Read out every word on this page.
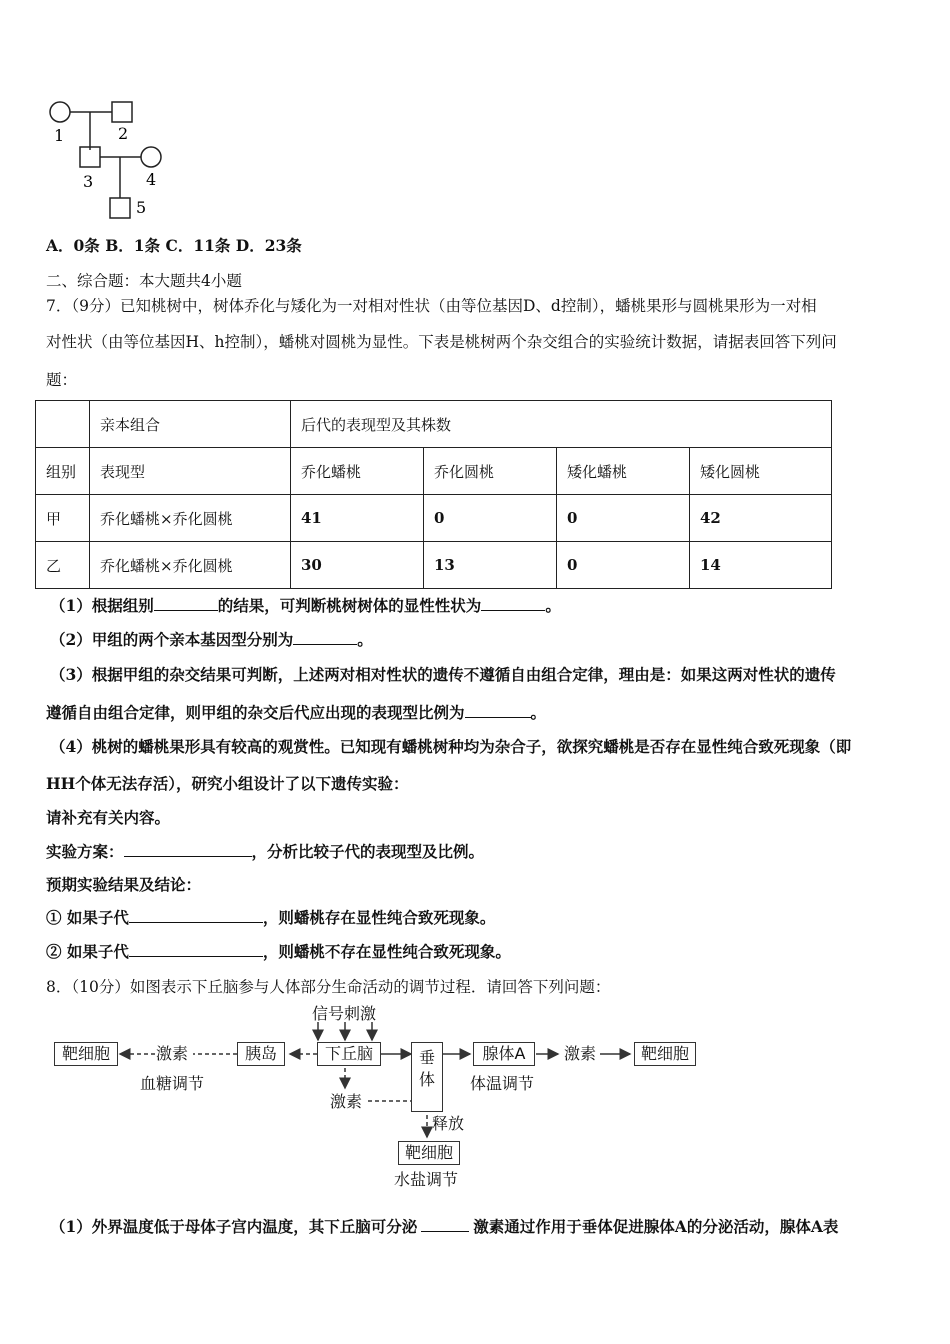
1	2
3	4
5
A．0条 B．1条 C．11条 D．23条
二、综合题：本大题共4小题
7．（9分）已知桃树中，树体乔化与矮化为一对相对性状（由等位基因D、d控制），蟠桃果形与圆桃果形为一对相
对性状（由等位基因H、h控制），蟠桃对圆桃为显性。下表是桃树两个杂交组合的实验统计数据，请据表回答下列问
题：
	亲本组合	后代的表现型及其株数			
组别	表现型	乔化蟠桃	乔化圆桃	矮化蟠桃	矮化圆桃
甲	乔化蟠桃×乔化圆桃	41	0	0	42
乙	乔化蟠桃×乔化圆桃	30	13	0	14
（1）根据组别	的结果，可判断桃树树体的显性性状为	。
（2）甲组的两个亲本基因型分别为	。
（3）根据甲组的杂交结果可判断，上述两对相对性状的遗传不遵循自由组合定律，理由是：如果这两对性状的遗传
遵循自由组合定律，则甲组的杂交后代应出现的表现型比例为	。
（4）桃树的蟠桃果形具有较高的观赏性。已知现有蟠桃树种均为杂合子，欲探究蟠桃是否存在显性纯合致死现象（即
HH个体无法存活），研究小组设计了以下遗传实验：
请补充有关内容。
实验方案：	，分析比较子代的表现型及比例。
预期实验结果及结论：
① 如果子代	，则蟠桃存在显性纯合致死现象。
② 如果子代	，则蟠桃不存在显性纯合致死现象。
8．（10分）如图表示下丘脑参与人体部分生命活动的调节过程．请回答下列问题：
信号刺激
靶细胞	激素	胰岛	下丘脑	垂体
腺体A	激素	靶细胞
血糖调节	体温调节
激素
释放
靶细胞
水盐调节
（1）外界温度低于母体子宫内温度，其下丘脑可分泌	激素通过作用于垂体促进腺体A的分泌活动，腺体A表
